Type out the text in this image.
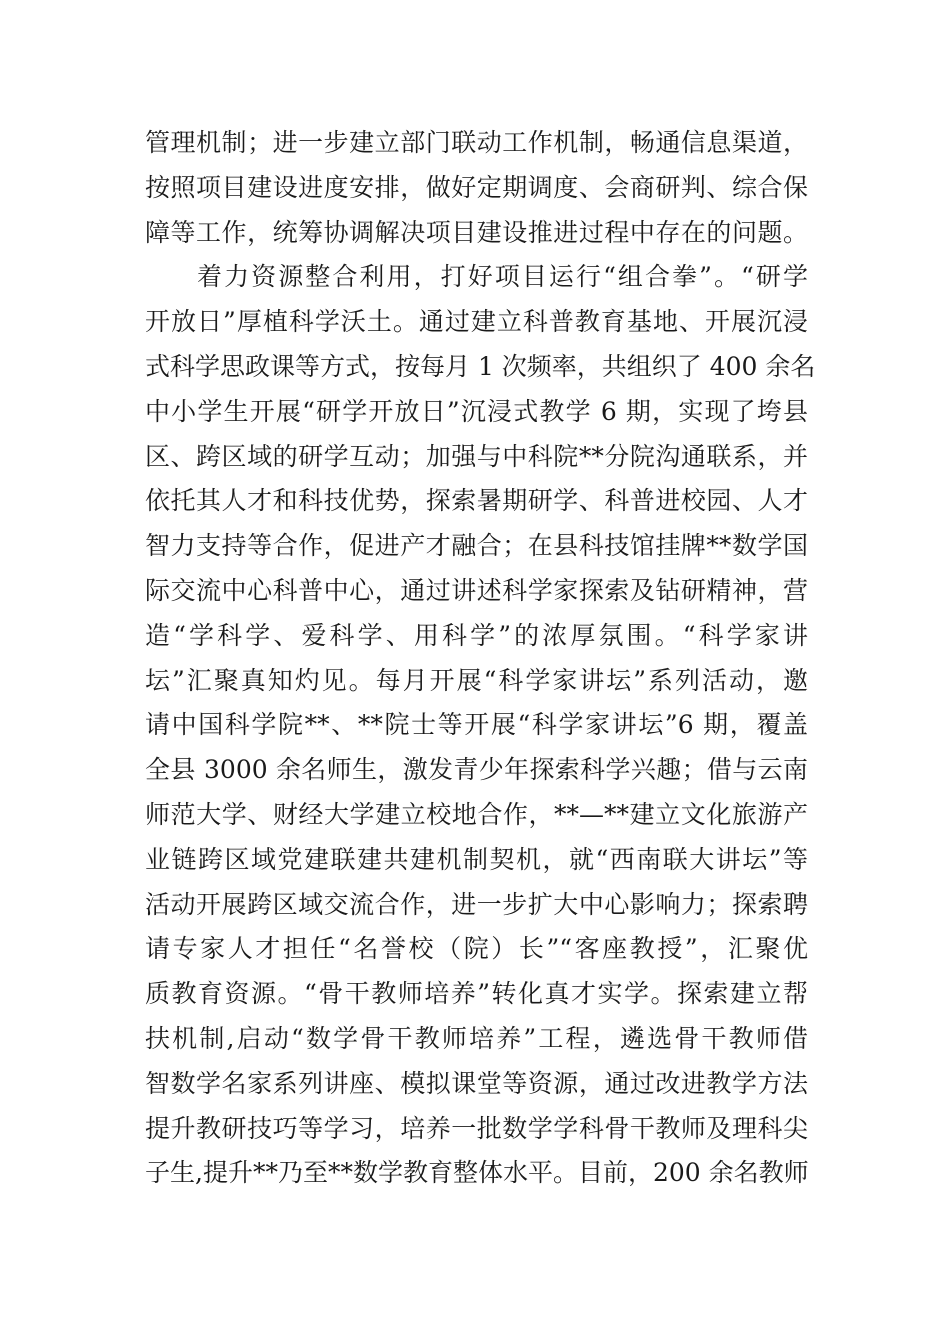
管理机制；进一步建立部门联动工作机制，畅通信息渠道，
按照项目建设进度安排，做好定期调度、会商研判、综合保
障等工作，统筹协调解决项目建设推进过程中存在的问题。
着力资源整合利用，打好项目运行“组合拳”。“研学
开放日”厚植科学沃土。通过建立科普教育基地、开展沉浸
式科学思政课等方式，按每月 1 次频率，共组织了 400 余名
中小学生开展“研学开放日”沉浸式教学 6 期，实现了垮县
区、跨区域的研学互动；加强与中科院**分院沟通联系，并
依托其人才和科技优势，探索暑期研学、科普进校园、人才
智力支持等合作，促进产才融合；在县科技馆挂牌**数学国
际交流中心科普中心，通过讲述科学家探索及钻研精神，营
造“学科学、爱科学、用科学”的浓厚氛围。“科学家讲
坛”汇聚真知灼见。每月开展“科学家讲坛”系列活动，邀
请中国科学院**、**院士等开展“科学家讲坛”6 期，覆盖
全县 3000 余名师生，激发青少年探索科学兴趣；借与云南
师范大学、财经大学建立校地合作，**—**建立文化旅游产
业链跨区域党建联建共建机制契机，就“西南联大讲坛”等
活动开展跨区域交流合作，进一步扩大中心影响力；探索聘
请专家人才担任“名誉校（院）长”“客座教授”，汇聚优
质教育资源。“骨干教师培养”转化真才实学。探索建立帮
扶机制,启动“数学骨干教师培养”工程，遴选骨干教师借
智数学名家系列讲座、模拟课堂等资源，通过改进教学方法
提升教研技巧等学习，培养一批数学学科骨干教师及理科尖
子生,提升**乃至**数学教育整体水平。目前，200 余名教师
